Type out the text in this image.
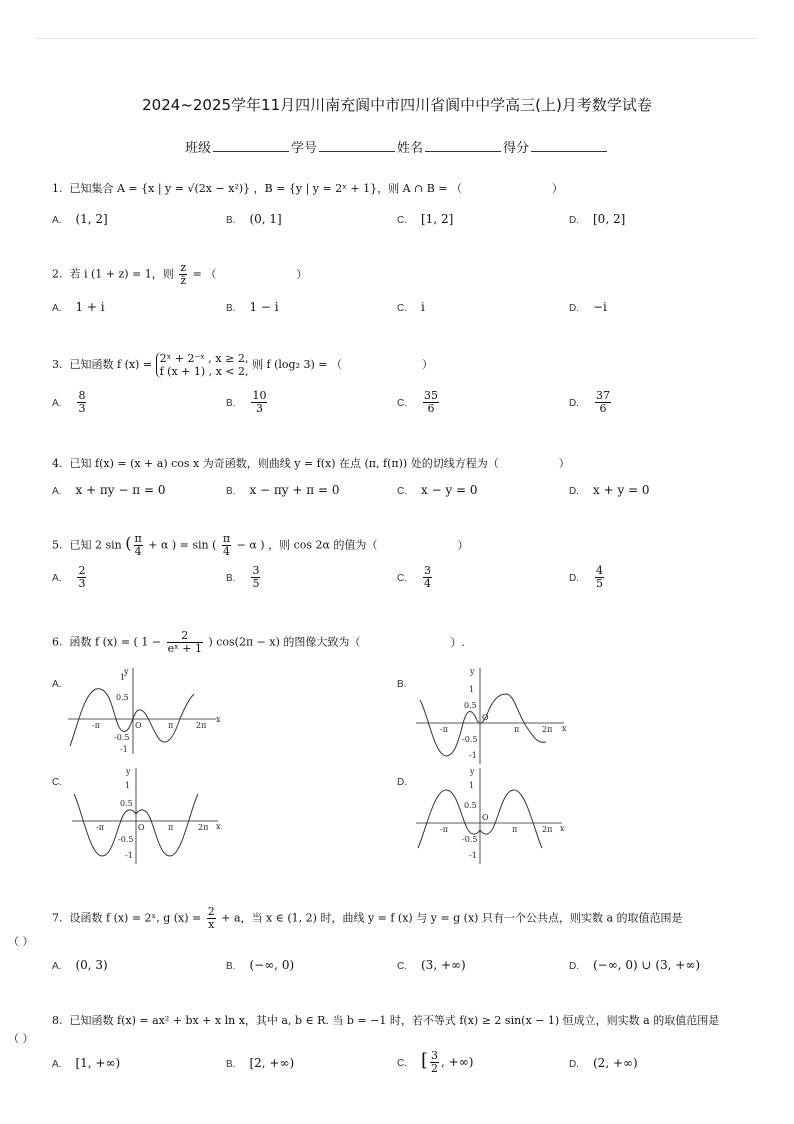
2024~2025学年11月四川南充阆中市四川省阆中中学高三(上)月考数学试卷
班级	学号	姓名	得分
1. 已知集合 A = {x | y = √(2x − x²)} ，B = {y | y = 2ˣ + 1}，则 A ∩ B = （	）
A. (1, 2]	B. (0, 1]	C. [1, 2]	D. [0, 2]
2. 若 i (1 + z) = 1，则 $\frac{z}{z̄}$ = （	）
A. 1 + i	B. 1 − i	C. i	D. −i
3. 已知函数 f (x) = 2ˣ + 2⁻ˣ , x ≥ 2,
f (x + 1) , x < 2,
则 f (log₂ 3) = （	）
A. $\frac{8}{3}$	B. $\frac{10}{3}$	C. $\frac{35}{6}$	D. $\frac{37}{6}$
4. 已知 f(x) = (x + a) cos x 为奇函数，则曲线 y = f(x) 在点 (π, f(π)) 处的切线方程为（	）
A. x + πy − π = 0	B. x − πy + π = 0	C. x − y = 0	D. x + y = 0
5. 已知 2 sin ( $\frac{\pi}{4} + \alpha$ ) = sin ( $\frac{\pi}{4} - \alpha$ ) ，则 cos 2α 的值为（	）
A. $\frac{2}{3}$	B. $\frac{3}{5}$	C. $\frac{3}{4}$	D. $\frac{4}{5}$
6. 函数 f (x) = ( $1 - \frac{2}{\text{eˣ + 1}}$ ) cos(2π − x) 的图像大致为（	）.
A.	B.
C.	D.
y
x
1
0.5
-0.5
-1
-π	O	π	2π
y
x
1
0.5
-0.5
-1
-π
O
π	2π
y
x
1
0.5
-0.5
-1
-π	O	π	2π
y
x
1
0.5
-0.5
-1
-π
O
π	2π
7. 设函数 f (x) = 2ˣ, g $(x) = \frac{2}{x} + a$，当 x ∈ (1, 2) 时，曲线 y = f (x) 与 y = g (x) 只有一个公共点，则实数 a 的取值范围是
（ ）
A. (0, 3)	B. (−∞, 0)	C. (3, +∞)	D. (−∞, 0) ∪ (3, +∞)
8. 已知函数 f(x) = ax² + bx + x ln x，其中 a, b ∈ R. 当 b = −1 时，若不等式 f(x) ≥ 2 sin(x − 1) 恒成立，则实数 a 的取值范围是
（ ）
A. [1, +∞)	B. [2, +∞)	C. [ $\frac{3}{2}$ , +∞)	D. (2, +∞)
